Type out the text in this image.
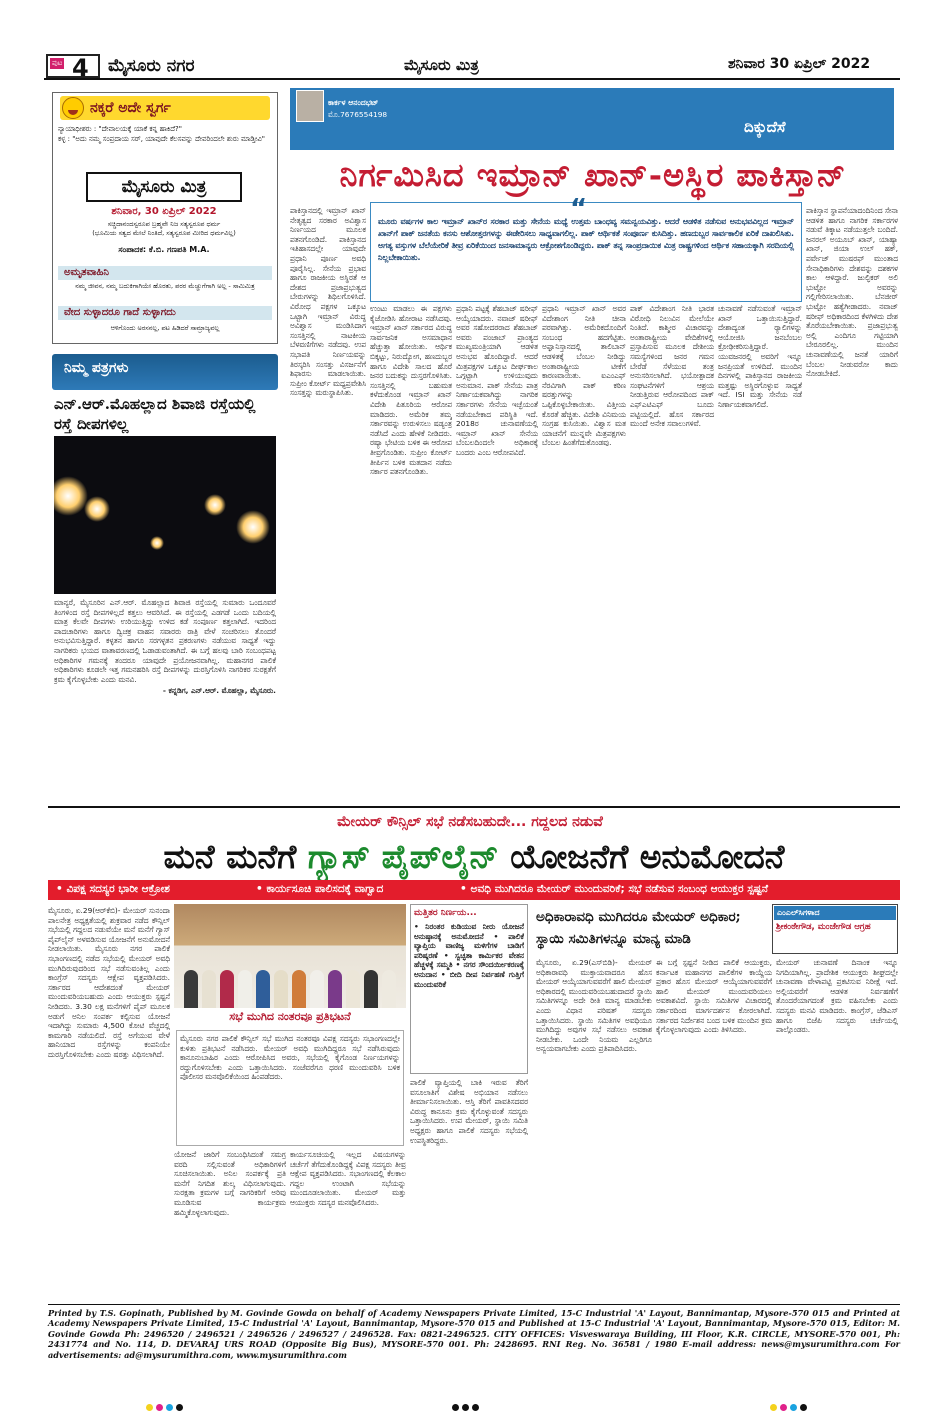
ಪುಟ 4 ಮೈಸೂರು ನಗರ	ಮೈಸೂರು ಮಿತ್ರ	ಶನಿವಾರ 30 ಏಪ್ರಿಲ್ 2022
ನಕ್ಕರೆ ಅದೇ ಸ್ವರ್ಗ
ನ್ಯಾಯಾಧೀಶರು : "ದೇವಾಲಯಕ್ಕೆ ಯಾಕೆ ಕನ್ನ ಹಾಕಿದೆ?"
ಕಳ್ಳ : "ಅದು ನಮ್ಮ ಸಂಪ್ರದಾಯ ಸರ್, ಯಾವುದೇ ಕೆಲಸವನ್ನು ದೇವರಿಂದಲೇ ಶುರು ಮಾಡ್ತೀವಿ"
ಮೈಸೂರು ಮಿತ್ರ
ಶನಿವಾರ, 30 ಏಪ್ರಿಲ್ 2022
ಸಚ್ಚಿದಾನಂದಸ್ವರೂಪ ಬ್ರಹ್ಮವೇ ನಿಜ ಸತ್ಯಸ್ವರೂಪ ಧರ್ಮ
(ಭೂಮಿಯ ಸತ್ವದ ಮೇಲೆ ನಿಂತಿದೆ, ಸತ್ಯಸ್ವರೂಪ ಮೀರಿದ ಧರ್ಮವಿಲ್ಲ)
ಸಂಪಾದಕ: ಕೆ.ಬಿ. ಗಣಪತಿ M.A.
ಅಮೃತವಾಹಿನಿ
ನಮ್ಮ ಜೀವನ, ನಮ್ಮ ಬದುಕಿಗಾಗಿಯೇ ಹೊರತು, ಪರರ ಮೆಚ್ಚುಗೆಗಾಗಿ ಅಲ್ಲ - ಸಾಮಿಮಿತ್ರ
ವೇದ ಸುಳ್ಳಾದರೂ ಗಾದೆ ಸುಳ್ಳಾಗದು
ಆಳಿಗೊಂದು ಅರಸನಲ್ಲ, ಪಟ ಹಿಡಿದರೆ ಸಾಮ್ರಾಜ್ಯವಲ್ಲ
ನಿಮ್ಮ ಪತ್ರಗಳು
ಎನ್.ಆರ್.ಮೊಹಲ್ಲಾದ ಶಿವಾಜಿ ರಸ್ತೆಯಲ್ಲಿ ರಸ್ತೆ ದೀಪಗಳಿಲ್ಲ
ಮಾನ್ಯರೆ, ಮೈಸೂರಿನ ಎನ್.ಆರ್. ಮೊಹಲ್ಲಾದ ಶಿವಾಜಿ ರಸ್ತೆಯಲ್ಲಿ ಸುಮಾರು ಒಂದೂವರೆ ತಿಂಗಳಿಂದ ರಸ್ತೆ ದೀಪಗಳಿಲ್ಲದೆ ಕತ್ತಲು ಆವರಿಸಿದೆ. ಈ ರಸ್ತೆಯಲ್ಲಿ ಎಡಗಡೆ ಒಂದು ಬದಿಯಲ್ಲಿ ಮಾತ್ರ ಕೆಲವೇ ದೀಪಗಳು ಉರಿಯುತ್ತಿದ್ದು ಉಳಿದ ಕಡೆ ಸಂಪೂರ್ಣ ಕತ್ತಲಾಗಿದೆ. ಇದರಿಂದ ಪಾದಚಾರಿಗಳು ಹಾಗೂ ದ್ವಿಚಕ್ರ ವಾಹನ ಸವಾರರು ರಾತ್ರಿ ವೇಳೆ ಸಂಚರಿಸಲು ತೊಂದರೆ ಅನುಭವಿಸುತ್ತಿದ್ದಾರೆ. ಕಳ್ಳತನ ಹಾಗೂ ಸರಗಳ್ಳತನ ಪ್ರಕರಣಗಳು ನಡೆಯುವ ಸಾಧ್ಯತೆ ಇದ್ದು ನಾಗರಿಕರು ಭಯದ ವಾತಾವರಣದಲ್ಲಿ ಓಡಾಡುವಂತಾಗಿದೆ. ಈ ಬಗ್ಗೆ ಹಲವು ಬಾರಿ ಸಂಬಂಧಪಟ್ಟ ಅಧಿಕಾರಿಗಳ ಗಮನಕ್ಕೆ ತಂದರೂ ಯಾವುದೇ ಪ್ರಯೋಜನವಾಗಿಲ್ಲ. ಮಹಾನಗರ ಪಾಲಿಕೆ ಅಧಿಕಾರಿಗಳು ಕೂಡಲೇ ಇತ್ತ ಗಮನಹರಿಸಿ ರಸ್ತೆ ದೀಪಗಳನ್ನು ದುರಸ್ತಿಗೊಳಿಸಿ ನಾಗರಿಕರ ಸುರಕ್ಷತೆಗೆ ಕ್ರಮ ಕೈಗೊಳ್ಳಬೇಕು ಎಂದು ಮನವಿ.
- ಕನ್ನಡಿಗ, ಎನ್.ಆರ್. ಮೊಹಲ್ಲಾ, ಮೈಸೂರು.
ಕಾರ್ಕಳ ಆನಂದಭಟ್
ಮೊ.7676554198
ದಿಕ್ಕುದೆಸೆ
ನಿರ್ಗಮಿಸಿದ ಇಮ್ರಾನ್ ಖಾನ್-ಅಸ್ಥಿರ ಪಾಕಿಸ್ತಾನ್
“
ಮೂರು ವರ್ಷಗಳ ಕಾಲ ಇಮ್ರಾನ್ ಖಾನ್‌ರ ಸರಕಾರ ಮತ್ತು ಸೇನೆಯ ಮಧ್ಯೆ ಉತ್ತಮ ಬಾಂಧವ್ಯ ಸಮನ್ವಯವಿತ್ತು. ಆದರೆ ಆಡಳಿತ ನಡೆಸುವ ಅನುಭವವಿಲ್ಲದ ಇಮ್ರಾನ್ ಖಾನ್‌ಗೆ ಪಾಕ್ ಜನತೆಯ ಕನಸು ಆಶೋತ್ತರಗಳನ್ನು ಈಡೇರಿಸಲು ಸಾಧ್ಯವಾಗಲಿಲ್ಲ. ಪಾಕ್ ಆರ್ಥಿಕತೆ ಸಂಪೂರ್ಣ ಕುಸಿದಿತ್ತು. ಹಣದುಬ್ಬರ ಸಾರ್ವಕಾಲಿಕ ಏರಿಕೆ ದಾಖಲಿಸಿತು. ಅಗತ್ಯ ವಸ್ತುಗಳ ಬೆಲೆಯೇರಿಕೆ ತೀವ್ರ ಏರಿಕೆಯಿಂದ ಜನಸಾಮಾನ್ಯರು ಆಕ್ರೋಶಗೊಂಡಿದ್ದರು. ಪಾಕ್ ತನ್ನ ಸಾಂಪ್ರದಾಯಿಕ ಮಿತ್ರ ರಾಷ್ಟ್ರಗಳಿಂದ ಆರ್ಥಿಕ ಸಹಾಯಕ್ಕಾಗಿ ಸರದಿಯಲ್ಲಿ ನಿಲ್ಲಬೇಕಾಯಿತು.
ಪಾಕಿಸ್ತಾನದಲ್ಲಿ ಇಮ್ರಾನ್ ಖಾನ್ ನೇತೃತ್ವದ ಸರಕಾರ ಅವಿಶ್ವಾಸ ನಿರ್ಣಯದ ಮೂಲಕ ಪತನಗೊಂಡಿದೆ. ಪಾಕಿಸ್ತಾನದ ಇತಿಹಾಸದಲ್ಲೇ ಯಾವುದೇ ಪ್ರಧಾನಿ ಪೂರ್ಣ ಅವಧಿ ಪೂರೈಸಿಲ್ಲ. ಸೇನೆಯ ಪ್ರಭಾವ ಹಾಗೂ ರಾಜಕೀಯ ಅಸ್ಥಿರತೆ ಆ ದೇಶದ ಪ್ರಜಾಪ್ರಭುತ್ವದ ಬೇರುಗಳನ್ನು ಶಿಥಿಲಗೊಳಿಸಿದೆ. ವಿರೋಧ ಪಕ್ಷಗಳ ಒಕ್ಕೂಟ ಒಟ್ಟಾಗಿ ಇಮ್ರಾನ್ ವಿರುದ್ಧ ಅವಿಶ್ವಾಸ ಮಂಡಿಸಿದಾಗ ಸಂಸತ್ತಿನಲ್ಲಿ ನಾಟಕೀಯ ಬೆಳವಣಿಗೆಗಳು ನಡೆದವು. ಉಪ ಸಭಾಪತಿ ನಿರ್ಣಯವನ್ನು ತಿರಸ್ಕರಿಸಿ ಸಂಸತ್ತು ವಿಸರ್ಜನೆಗೆ ಶಿಫಾರಸು ಮಾಡಲಾಯಿತು. ಸುಪ್ರೀಂ ಕೋರ್ಟ್ ಮಧ್ಯಪ್ರವೇಶಿಸಿ ಸಂಸತ್ತನ್ನು ಮರುಸ್ಥಾಪಿಸಿತು.
ಉಂಟು ಮಾಡಲು ಈ ಪಕ್ಷಗಳು ಕೈಜೋಡಿಸಿ ಹೋರಾಟ ನಡೆಸಿದವು. ಇಮ್ರಾನ್ ಖಾನ್ ಸರ್ಕಾರದ ವಿರುದ್ಧ ಸಾರ್ವಜನಿಕ ಅಸಮಾಧಾನ ಹೆಚ್ಚುತ್ತಾ ಹೋಯಿತು. ಆರ್ಥಿಕ ಬಿಕ್ಕಟ್ಟು, ನಿರುದ್ಯೋಗ, ಹಣದುಬ್ಬರ ಹಾಗೂ ವಿದೇಶಿ ಸಾಲದ ಹೊರೆ ಜನರ ಬದುಕನ್ನು ದುಸ್ತರಗೊಳಿಸಿತು. ಸಂಸತ್ತಿನಲ್ಲಿ ಬಹುಮತ ಕಳೆದುಕೊಂಡ ಇಮ್ರಾನ್ ಖಾನ್ ವಿದೇಶಿ ಪಿತೂರಿಯ ಆರೋಪ ಮಾಡಿದರು. ಅಮೆರಿಕ ತಮ್ಮ ಸರ್ಕಾರವನ್ನು ಉರುಳಿಸಲು ಷಡ್ಯಂತ್ರ ನಡೆಸಿದೆ ಎಂದು ಹೇಳಿಕೆ ನೀಡಿದರು. ರಷ್ಯಾ ಭೇಟಿಯ ಬಳಿಕ ಈ ಆರೋಪ ತೀವ್ರಗೊಂಡಿತು. ಸುಪ್ರೀಂ ಕೋರ್ಟ್ ತೀರ್ಪಿನ ಬಳಿಕ ಮತದಾನ ನಡೆದು ಸರ್ಕಾರ ಪತನಗೊಂಡಿತು.
ಪ್ರಧಾನಿ ಪಟ್ಟಕ್ಕೆ ಶೆಹಬಾಜ್ ಷರೀಫ್ ಆಯ್ಕೆಯಾದರು. ನವಾಜ್ ಷರೀಫ್ ಅವರ ಸಹೋದರರಾದ ಶೆಹಬಾಜ್ ಅವರು ಪಂಜಾಬ್ ಪ್ರಾಂತ್ಯದ ಮುಖ್ಯಮಂತ್ರಿಯಾಗಿ ಆಡಳಿತ ಅನುಭವ ಹೊಂದಿದ್ದಾರೆ. ಆದರೆ ಮಿತ್ರಪಕ್ಷಗಳ ಒಕ್ಕೂಟ ದೀರ್ಘಕಾಲ ಒಗ್ಗಟ್ಟಾಗಿ ಉಳಿಯುವುದು ಅನುಮಾನ. ಪಾಕ್ ಸೇನೆಯ ಪಾತ್ರ ನಿರ್ಣಾಯಕವಾಗಿದ್ದು ನಾಗರಿಕ ಸರ್ಕಾರಗಳು ಸೇನೆಯ ಇಚ್ಛೆಯಂತೆ ನಡೆಯಬೇಕಾದ ಪರಿಸ್ಥಿತಿ ಇದೆ. 2018ರ ಚುನಾವಣೆಯಲ್ಲಿ ಇಮ್ರಾನ್ ಖಾನ್ ಸೇನೆಯ ಬೆಂಬಲದಿಂದಲೇ ಅಧಿಕಾರಕ್ಕೆ ಬಂದರು ಎಂಬ ಆರೋಪವಿದೆ.
ಪ್ರಧಾನಿ ಇಮ್ರಾನ್ ಖಾನ್ ಅವರ ವಿದೇಶಾಂಗ ನೀತಿ ಚೀನಾ ಪರವಾಗಿತ್ತು. ಅಮೆರಿಕದೊಂದಿಗೆ ಸಂಬಂಧ ಹದಗೆಟ್ಟಿತು. ಅಫ್ಘಾನಿಸ್ತಾನದಲ್ಲಿ ತಾಲಿಬಾನ್ ಆಡಳಿತಕ್ಕೆ ಬೆಂಬಲ ನೀಡಿದ್ದು ಅಂತಾರಾಷ್ಟ್ರೀಯ ಟೀಕೆಗೆ ಕಾರಣವಾಯಿತು. ಐಎಂಎಫ್ ನೆರವಿಗಾಗಿ ಪಾಕ್ ಕಠಿಣ ಷರತ್ತುಗಳನ್ನು ಒಪ್ಪಿಕೊಳ್ಳಬೇಕಾಯಿತು. ವಿತ್ತೀಯ ಕೊರತೆ ಹೆಚ್ಚಿತು. ವಿದೇಶಿ ವಿನಿಮಯ ಸಂಗ್ರಹ ಕುಸಿಯಿತು. ವಿಶ್ವಾಸ ಮತ ಯಾಚನೆಗೆ ಮುನ್ನವೇ ಮಿತ್ರಪಕ್ಷಗಳು ಬೆಂಬಲ ಹಿಂತೆಗೆದುಕೊಂಡವು.
ಪಾಕ್ ವಿದೇಶಾಂಗ ನೀತಿ ಭಾರತ ವಿರೋಧಿ ನಿಲುವಿನ ಮೇಲೆಯೇ ನಿಂತಿದೆ. ಕಾಶ್ಮೀರ ವಿಚಾರವನ್ನು ಅಂತಾರಾಷ್ಟ್ರೀಯ ವೇದಿಕೆಗಳಲ್ಲಿ ಪ್ರಸ್ತಾಪಿಸುವ ಮೂಲಕ ದೇಶೀಯ ಸಮಸ್ಯೆಗಳಿಂದ ಜನರ ಗಮನ ಬೇರೆಡೆ ಸೆಳೆಯುವ ತಂತ್ರ ಅನುಸರಿಸಲಾಗಿದೆ. ಭಯೋತ್ಪಾದಕ ಸಂಘಟನೆಗಳಿಗೆ ಆಶ್ರಯ ನೀಡುತ್ತಿರುವ ಆರೋಪದಿಂದ ಪಾಕ್ ಎಫ್‌ಎಟಿಎಫ್ ಬೂದು ಪಟ್ಟಿಯಲ್ಲಿದೆ. ಹೊಸ ಸರ್ಕಾರದ ಮುಂದೆ ಅನೇಕ ಸವಾಲುಗಳಿವೆ.
ಚುನಾವಣೆ ನಡೆಸುವಂತೆ ಇಮ್ರಾನ್ ಖಾನ್ ಒತ್ತಾಯಿಸುತ್ತಿದ್ದಾರೆ. ದೇಶಾದ್ಯಂತ ರ್‍ಯಾಲಿಗಳನ್ನು ಆಯೋಜಿಸಿ ಜನಬೆಂಬಲ ಕ್ರೋಢೀಕರಿಸುತ್ತಿದ್ದಾರೆ. ಯುವಜನರಲ್ಲಿ ಅವರಿಗೆ ಇನ್ನೂ ಜನಪ್ರಿಯತೆ ಉಳಿದಿದೆ. ಮುಂದಿನ ದಿನಗಳಲ್ಲಿ ಪಾಕಿಸ್ತಾನದ ರಾಜಕೀಯ ಮತ್ತಷ್ಟು ಅಸ್ಥಿರಗೊಳ್ಳುವ ಸಾಧ್ಯತೆ ಇದೆ. ISI ಮತ್ತು ಸೇನೆಯ ನಡೆ ನಿರ್ಣಾಯಕವಾಗಲಿದೆ.
ಪಾಕಿಸ್ತಾನ ಸ್ಥಾಪನೆಯಾದಂದಿನಿಂದ ಸೇನಾ ಆಡಳಿತ ಹಾಗೂ ನಾಗರಿಕ ಸರ್ಕಾರಗಳ ನಡುವೆ ತಿಕ್ಕಾಟ ನಡೆಯುತ್ತಲೇ ಬಂದಿದೆ. ಜನರಲ್ ಅಯೂಬ್ ಖಾನ್, ಯಾಹ್ಯಾ ಖಾನ್, ಜಿಯಾ ಉಲ್ ಹಕ್, ಪರ್ವೇಜ್ ಮುಷರಫ್ ಮುಂತಾದ ಸೇನಾಧಿಕಾರಿಗಳು ದೇಶವನ್ನು ದಶಕಗಳ ಕಾಲ ಆಳಿದ್ದಾರೆ. ಜುಲ್ಫಿಕರ್ ಅಲಿ ಭುಟ್ಟೋ ಅವರನ್ನು ಗಲ್ಲಿಗೇರಿಸಲಾಯಿತು. ಬೆನಜೀರ್ ಭುಟ್ಟೋ ಹತ್ಯೆಗೀಡಾದರು. ನವಾಜ್ ಷರೀಫ್ ಅಧಿಕಾರದಿಂದ ಕೆಳಗಿಳಿದು ದೇಶ ತೊರೆಯಬೇಕಾಯಿತು. ಪ್ರಜಾಪ್ರಭುತ್ವ ಅಲ್ಲಿ ಎಂದಿಗೂ ಗಟ್ಟಿಯಾಗಿ ಬೇರೂರಲಿಲ್ಲ. ಮುಂದಿನ ಚುನಾವಣೆಯಲ್ಲಿ ಜನತೆ ಯಾರಿಗೆ ಬೆಂಬಲ ನೀಡುವರೋ ಕಾದು ನೋಡಬೇಕಿದೆ.
ಮೇಯರ್ ಕೌನ್ಸಿಲ್ ಸಭೆ ನಡೆಸಬಹುದೇ... ಗದ್ದಲದ ನಡುವೆ
ಮನೆ ಮನೆಗೆ ಗ್ಯಾಸ್ ಪೈಪ್‌ಲೈನ್ ಯೋಜನೆಗೆ ಅನುಮೋದನೆ
• ವಿಪಕ್ಷ ಸದಸ್ಯರ ಭಾರೀ ಆಕ್ರೋಶ	• ಕಾರ್ಯಸೂಚಿ ಪಾಲಿಸದಕ್ಕೆ ವಾಗ್ವಾದ	• ಅವಧಿ ಮುಗಿದರೂ ಮೇಯರ್ ಮುಂದುವರಿಕೆ; ಸಭೆ ನಡೆಸುವ ಸಂಬಂಧ ಆಯುಕ್ತರ ಸ್ಪಷ್ಟನೆ
ಮೈಸೂರು, ಏ.29(ಆರ್‌ಕೆಬಿ)- ಮೇಯರ್ ಸುನಂದಾ ಪಾಲನೇತ್ರ ಅಧ್ಯಕ್ಷತೆಯಲ್ಲಿ ಶುಕ್ರವಾರ ನಡೆದ ಕೌನ್ಸಿಲ್ ಸಭೆಯಲ್ಲಿ ಗದ್ದಲದ ನಡುವೆಯೇ ಮನೆ ಮನೆಗೆ ಗ್ಯಾಸ್ ಪೈಪ್‌ಲೈನ್ ಅಳವಡಿಸುವ ಯೋಜನೆಗೆ ಅನುಮೋದನೆ ನೀಡಲಾಯಿತು. ಮೈಸೂರು ನಗರ ಪಾಲಿಕೆ ಸಭಾಂಗಣದಲ್ಲಿ ನಡೆದ ಸಭೆಯಲ್ಲಿ ಮೇಯರ್ ಅವಧಿ ಮುಗಿದಿರುವುದರಿಂದ ಸಭೆ ನಡೆಸುವಂತಿಲ್ಲ ಎಂದು ಕಾಂಗ್ರೆಸ್ ಸದಸ್ಯರು ಆಕ್ಷೇಪ ವ್ಯಕ್ತಪಡಿಸಿದರು. ಸರ್ಕಾರದ ಆದೇಶದಂತೆ ಮೇಯರ್ ಮುಂದುವರಿಯಬಹುದು ಎಂದು ಆಯುಕ್ತರು ಸ್ಪಷ್ಟನೆ ನೀಡಿದರು. 3.30 ಲಕ್ಷ ಮನೆಗಳಿಗೆ ಪೈಪ್ ಮೂಲಕ ಅಡುಗೆ ಅನಿಲ ಸಂಪರ್ಕ ಕಲ್ಪಿಸುವ ಯೋಜನೆ ಇದಾಗಿದ್ದು ಸುಮಾರು 4,500 ಕೋಟಿ ವೆಚ್ಚದಲ್ಲಿ ಕಾಮಗಾರಿ ನಡೆಯಲಿದೆ. ರಸ್ತೆ ಅಗೆಯುವ ವೇಳೆ ಹಾನಿಯಾದ ರಸ್ತೆಗಳನ್ನು ಕಂಪನಿಯೇ ದುರಸ್ತಿಗೊಳಿಸಬೇಕು ಎಂದು ಷರತ್ತು ವಿಧಿಸಲಾಗಿದೆ.
ಸಭೆ ಮುಗಿದ ನಂತರವೂ ಪ್ರತಿಭಟನೆ
ಮೈಸೂರು ನಗರ ಪಾಲಿಕೆ ಕೌನ್ಸಿಲ್ ಸಭೆ ಮುಗಿದ ನಂತರವೂ ವಿಪಕ್ಷ ಸದಸ್ಯರು ಸಭಾಂಗಣದಲ್ಲೇ ಕುಳಿತು ಪ್ರತಿಭಟನೆ ನಡೆಸಿದರು. ಮೇಯರ್ ಅವಧಿ ಮುಗಿದಿದ್ದರೂ ಸಭೆ ನಡೆಸಿರುವುದು ಕಾನೂನುಬಾಹಿರ ಎಂದು ಆರೋಪಿಸಿದ ಅವರು, ಸಭೆಯಲ್ಲಿ ಕೈಗೊಂಡ ನಿರ್ಣಯಗಳನ್ನು ರದ್ದುಗೊಳಿಸಬೇಕು ಎಂದು ಒತ್ತಾಯಿಸಿದರು. ಸಂಜೆವರೆಗೂ ಧರಣಿ ಮುಂದುವರಿಸಿ ಬಳಿಕ ಪೊಲೀಸರ ಮನವೊಲಿಕೆಯಿಂದ ಹಿಂಪಡೆದರು.
ಯೋಜನೆ ಜಾರಿಗೆ ಸಂಬಂಧಿಸಿದಂತೆ ಸಮಗ್ರ ವರದಿ ಸಲ್ಲಿಸುವಂತೆ ಅಧಿಕಾರಿಗಳಿಗೆ ಸೂಚಿಸಲಾಯಿತು. ಅನಿಲ ಸಂಪರ್ಕಕ್ಕೆ ಪ್ರತಿ ಮನೆಗೆ ನಿಗದಿತ ಶುಲ್ಕ ವಿಧಿಸಲಾಗುವುದು. ಸುರಕ್ಷತಾ ಕ್ರಮಗಳ ಬಗ್ಗೆ ನಾಗರಿಕರಿಗೆ ಅರಿವು ಮೂಡಿಸುವ ಕಾರ್ಯಕ್ರಮ ಹಮ್ಮಿಕೊಳ್ಳಲಾಗುವುದು.
ಕಾರ್ಯಸೂಚಿಯಲ್ಲಿ ಇಲ್ಲದ ವಿಷಯಗಳನ್ನು ಚರ್ಚೆಗೆ ತೆಗೆದುಕೊಂಡಿದ್ದಕ್ಕೆ ವಿಪಕ್ಷ ಸದಸ್ಯರು ತೀವ್ರ ಆಕ್ಷೇಪ ವ್ಯಕ್ತಪಡಿಸಿದರು. ಸಭಾಂಗಣದಲ್ಲಿ ಕೆಲಕಾಲ ಗದ್ದಲ ಉಂಟಾಗಿ ಸಭೆಯನ್ನು ಮುಂದೂಡಲಾಯಿತು. ಮೇಯರ್ ಮತ್ತು ಆಯುಕ್ತರು ಸದಸ್ಯರ ಮನವೊಲಿಸಿದರು.
ಮತ್ತಿತರ ನಿರ್ಣಯ...
• ನಿರಂತರ ಕುಡಿಯುವ ನೀರು ಯೋಜನೆ ಅನುಷ್ಠಾನಕ್ಕೆ ಅನುಮೋದನೆ • ಪಾಲಿಕೆ ವ್ಯಾಪ್ತಿಯ ವಾಣಿಜ್ಯ ಮಳಿಗೆಗಳ ಬಾಡಿಗೆ ಪರಿಷ್ಕರಣೆ • ಸ್ವಚ್ಛತಾ ಕಾರ್ಮಿಕರ ವೇತನ ಹೆಚ್ಚಳಕ್ಕೆ ಸಮ್ಮತಿ • ನಗರ ಸೌಂದರ್ಯೀಕರಣಕ್ಕೆ ಅನುದಾನ • ಬೀದಿ ದೀಪ ನಿರ್ವಹಣೆ ಗುತ್ತಿಗೆ ಮುಂದುವರಿಕೆ
ಪಾಲಿಕೆ ವ್ಯಾಪ್ತಿಯಲ್ಲಿ ಬಾಕಿ ಇರುವ ತೆರಿಗೆ ವಸೂಲಾತಿಗೆ ವಿಶೇಷ ಅಭಿಯಾನ ನಡೆಸಲು ತೀರ್ಮಾನಿಸಲಾಯಿತು. ಆಸ್ತಿ ತೆರಿಗೆ ಪಾವತಿಸದವರ ವಿರುದ್ಧ ಕಾನೂನು ಕ್ರಮ ಕೈಗೊಳ್ಳುವಂತೆ ಸದಸ್ಯರು ಒತ್ತಾಯಿಸಿದರು. ಉಪ ಮೇಯರ್, ಸ್ಥಾಯಿ ಸಮಿತಿ ಅಧ್ಯಕ್ಷರು ಹಾಗೂ ಪಾಲಿಕೆ ಸದಸ್ಯರು ಸಭೆಯಲ್ಲಿ ಉಪಸ್ಥಿತರಿದ್ದರು.
ಅಧಿಕಾರಾವಧಿ ಮುಗಿದರೂ ಮೇಯರ್ ಅಧಿಕಾರ; ಸ್ಥಾಯಿ ಸಮಿತಿಗಳನ್ನೂ ಮಾನ್ಯ ಮಾಡಿ
ಎಂಎಲ್‌ಸಿಗಳಾದ
ಶ್ರೀಕಂಠೇಗೌಡ, ಮಂಜೇಗೌಡ ಆಗ್ರಹ
ಮೈಸೂರು, ಏ.29(ಎಸ್‌ಬಿಡಿ)- ಮೇಯರ್ ಅಧಿಕಾರಾವಧಿ ಮುಕ್ತಾಯವಾದರೂ ಹೊಸ ಮೇಯರ್ ಆಯ್ಕೆಯಾಗುವವರೆಗೆ ಹಾಲಿ ಮೇಯರ್ ಅಧಿಕಾರದಲ್ಲಿ ಮುಂದುವರಿಯಬಹುದಾದರೆ ಸ್ಥಾಯಿ ಸಮಿತಿಗಳನ್ನೂ ಅದೇ ರೀತಿ ಮಾನ್ಯ ಮಾಡಬೇಕು ಎಂದು ವಿಧಾನ ಪರಿಷತ್ ಸದಸ್ಯರು ಒತ್ತಾಯಿಸಿದರು. ಸ್ಥಾಯಿ ಸಮಿತಿಗಳ ಅವಧಿಯೂ ಮುಗಿದಿದ್ದು ಅವುಗಳ ಸಭೆ ನಡೆಸಲು ಅವಕಾಶ ನೀಡಬೇಕು. ಒಂದೇ ನಿಯಮ ಎಲ್ಲರಿಗೂ ಅನ್ವಯವಾಗಬೇಕು ಎಂದು ಪ್ರತಿಪಾದಿಸಿದರು.
ಈ ಬಗ್ಗೆ ಸ್ಪಷ್ಟನೆ ನೀಡಿದ ಪಾಲಿಕೆ ಆಯುಕ್ತರು, ಕರ್ನಾಟಕ ಮಹಾನಗರ ಪಾಲಿಕೆಗಳ ಕಾಯ್ದೆಯ ಪ್ರಕಾರ ಹೊಸ ಮೇಯರ್ ಆಯ್ಕೆಯಾಗುವವರೆಗೆ ಹಾಲಿ ಮೇಯರ್ ಮುಂದುವರಿಯಲು ಅವಕಾಶವಿದೆ. ಸ್ಥಾಯಿ ಸಮಿತಿಗಳ ವಿಚಾರದಲ್ಲಿ ಸರ್ಕಾರದಿಂದ ಮಾರ್ಗದರ್ಶನ ಕೋರಲಾಗಿದೆ. ಸರ್ಕಾರದ ನಿರ್ದೇಶನ ಬಂದ ಬಳಿಕ ಮುಂದಿನ ಕ್ರಮ ಕೈಗೊಳ್ಳಲಾಗುವುದು ಎಂದು ತಿಳಿಸಿದರು.
ಮೇಯರ್ ಚುನಾವಣೆ ದಿನಾಂಕ ಇನ್ನೂ ನಿಗದಿಯಾಗಿಲ್ಲ. ಪ್ರಾದೇಶಿಕ ಆಯುಕ್ತರು ಶೀಘ್ರದಲ್ಲೇ ಚುನಾವಣಾ ವೇಳಾಪಟ್ಟಿ ಪ್ರಕಟಿಸುವ ನಿರೀಕ್ಷೆ ಇದೆ. ಅಲ್ಲಿಯವರೆಗೆ ಆಡಳಿತ ನಿರ್ವಹಣೆಗೆ ತೊಂದರೆಯಾಗದಂತೆ ಕ್ರಮ ವಹಿಸಬೇಕು ಎಂದು ಸದಸ್ಯರು ಮನವಿ ಮಾಡಿದರು. ಕಾಂಗ್ರೆಸ್, ಜೆಡಿಎಸ್ ಹಾಗೂ ಬಿಜೆಪಿ ಸದಸ್ಯರು ಚರ್ಚೆಯಲ್ಲಿ ಪಾಲ್ಗೊಂಡರು.
Printed by T.S. Gopinath, Published by M. Govinde Gowda on behalf of Academy Newspapers Private Limited, 15-C Industrial 'A' Layout, Bannimantap, Mysore-570 015 and Printed at Academy Newspapers Private Limited, 15-C Industrial 'A' Layout, Bannimantap, Mysore-570 015 and Published at 15-C Industrial 'A' Layout, Bannimantap, Mysore-570 015, Editor: M. Govinde Gowda Ph: 2496520 / 2496521 / 2496526 / 2496527 / 2496528. Fax: 0821-2496525. CITY OFFICES: Visveswaraya Building, III Floor, K.R. CIRCLE, MYSORE-570 001, Ph: 2431774 and No. 114, D. DEVARAJ URS ROAD (Opposite Big Bus), MYSORE-570 001. Ph: 2428695. RNI Reg. No. 36581 / 1980 E-mail address: news@mysurumithra.com For advertisements: ad@mysurumithra.com, www.mysurumithra.com
